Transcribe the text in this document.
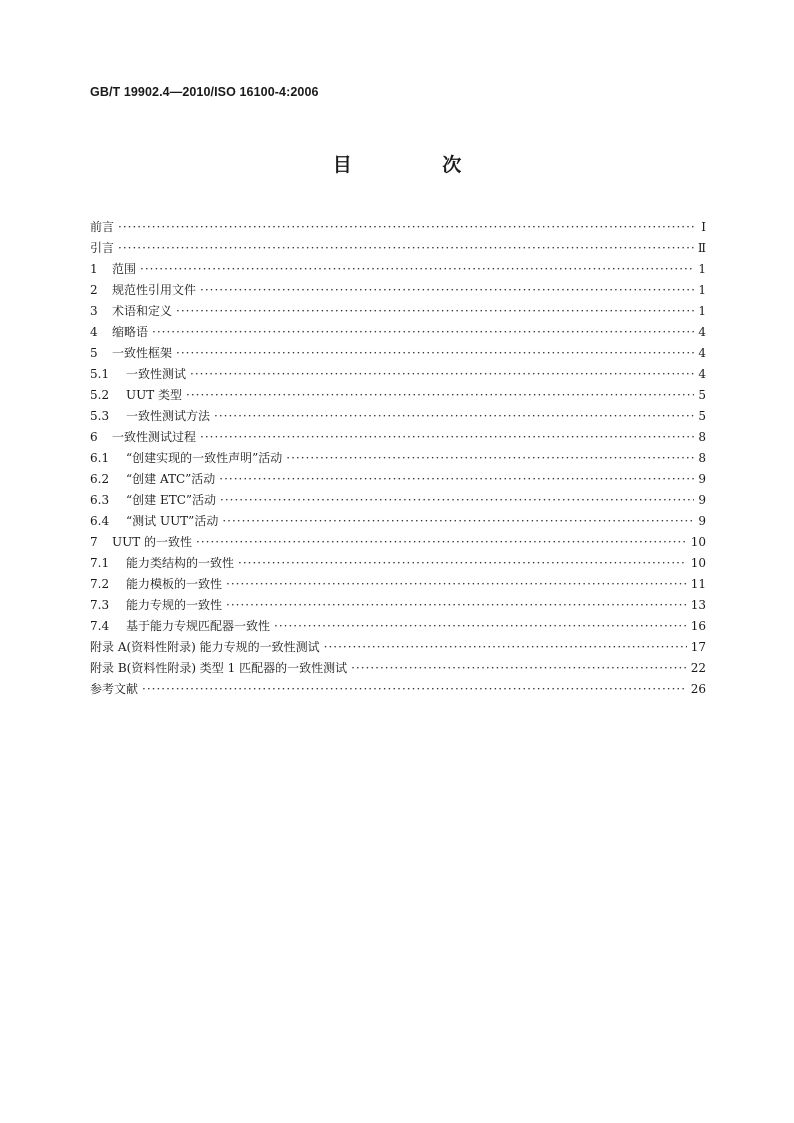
GB/T 19902.4—2010/ISO 16100-4:2006
目 次
前言 ·····	Ⅰ
引言 ·····	Ⅱ
1	范围 ·····	1
2	规范性引用文件 ·····	1
3	术语和定义 ·····	1
4	缩略语 ·····	4
5	一致性框架 ·····	4
5.1	一致性测试 ·····	4
5.2	UUT 类型 ·····	5
5.3	一致性测试方法 ·····	5
6	一致性测试过程 ·····	8
6.1	“创建实现的一致性声明”活动 ·····	8
6.2	“创建 ATC”活动 ·····	9
6.3	“创建 ETC”活动 ·····	9
6.4	“测试 UUT”活动 ·····	9
7	UUT 的一致性 ·····	10
7.1	能力类结构的一致性 ·····	10
7.2	能力模板的一致性 ·····	11
7.3	能力专规的一致性 ·····	13
7.4	基于能力专规匹配器一致性 ·····	16
附录 A(资料性附录) 能力专规的一致性测试 ·····	17
附录 B(资料性附录) 类型 1 匹配器的一致性测试 ·····	22
参考文献 ·····	26
